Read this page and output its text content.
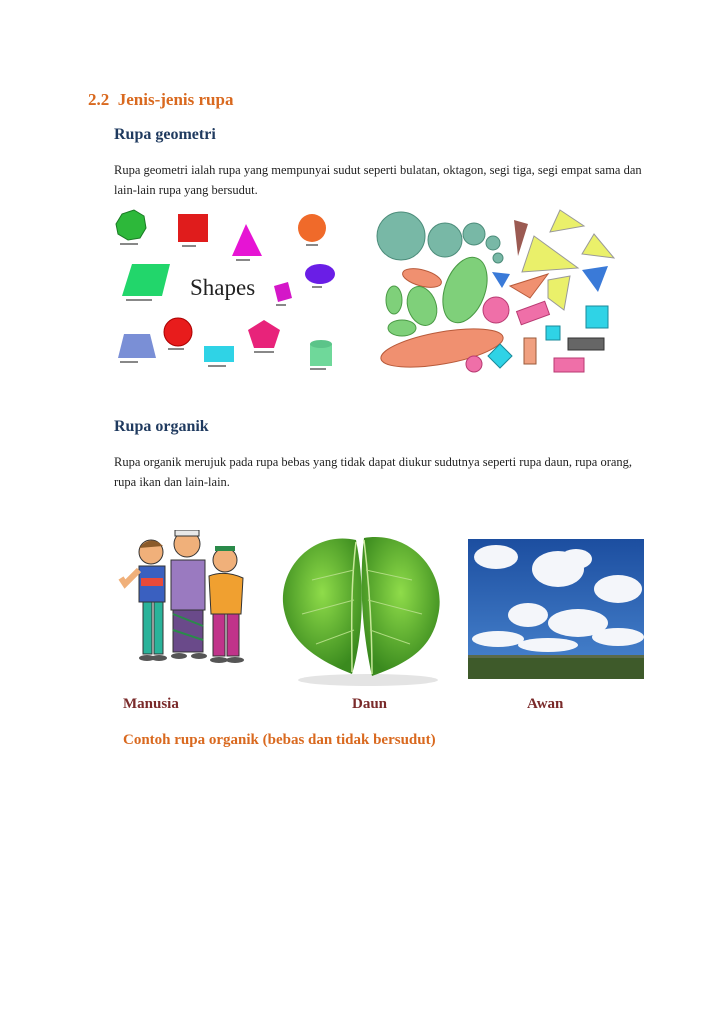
2.2 Jenis-jenis rupa
Rupa geometri

Rupa geometri ialah rupa yang mempunyai sudut seperti bulatan, oktagon, segi tiga, segi empat sama dan lain-lain rupa yang bersudut.

Shapes
Rupa organik

Rupa organik merujuk pada rupa bebas yang tidak dapat diukur sudutnya seperti rupa daun, rupa orang, rupa ikan dan lain-lain.

Manusia	Daun	Awan
Contoh rupa organik (bebas dan tidak bersudut)
